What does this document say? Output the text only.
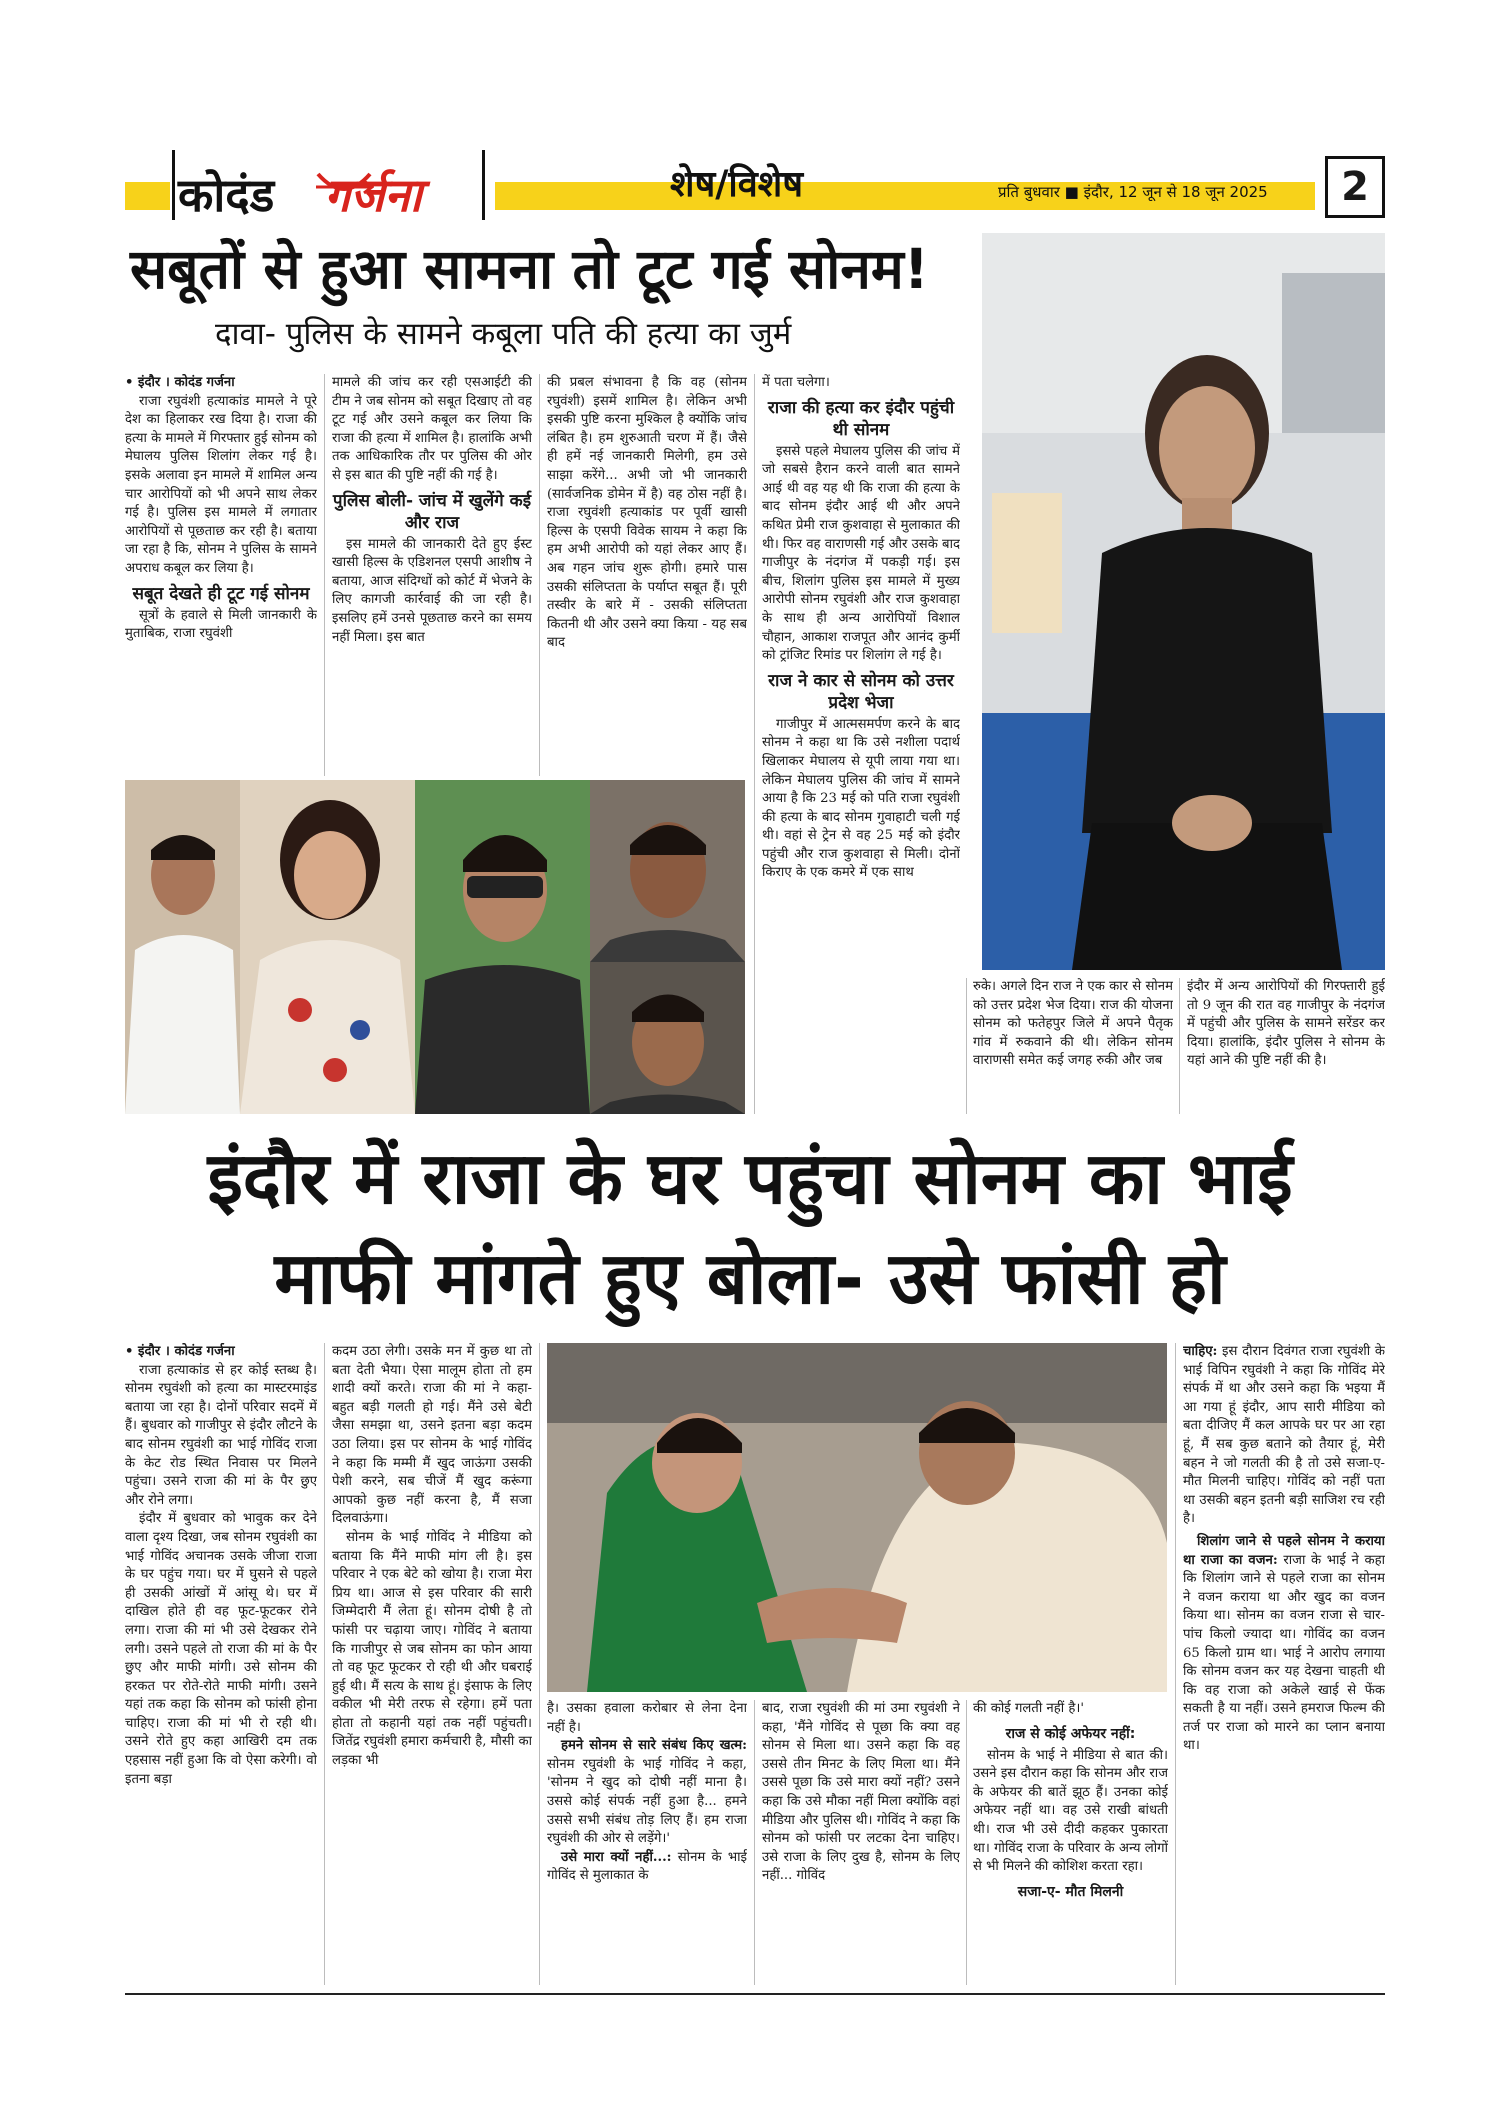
कोदंड गर्जना	शेष/विशेष	प्रति बुधवार ■ इंदौर, 12 जून से 18 जून 2025	2
सबूतों से हुआ सामना तो टूट गई सोनम!
दावा- पुलिस के सामने कबूला पति की हत्या का जुर्म

• इंदौर । कोदंड गर्जना

राजा रघुवंशी हत्याकांड मामले ने पूरे देश का हिलाकर रख दिया है। राजा की हत्या के मामले में गिरफ्तार हुई सोनम को मेघालय पुलिस शिलांग लेकर गई है। इसके अलावा इन मामले में शामिल अन्य चार आरोपियों को भी अपने साथ लेकर गई है। पुलिस इस मामले में लगातार आरोपियों से पूछताछ कर रही है। बताया जा रहा है कि, सोनम ने पुलिस के सामने अपराध कबूल कर लिया है।

सबूत देखते ही टूट गई सोनम

सूत्रों के हवाले से मिली जानकारी के मुताबिक, राजा रघुवंशी

मामले की जांच कर रही एसआईटी की टीम ने जब सोनम को सबूत दिखाए तो वह टूट गई और उसने कबूल कर लिया कि राजा की हत्या में शामिल है। हालांकि अभी तक आधिकारिक तौर पर पुलिस की ओर से इस बात की पुष्टि नहीं की गई है।

पुलिस बोली- जांच में खुलेंगे कई और राज

इस मामले की जानकारी देते हुए ईस्ट खासी हिल्स के एडिशनल एसपी आशीष ने बताया, आज संदिग्धों को कोर्ट में भेजने के लिए कागजी कार्रवाई की जा रही है। इसलिए हमें उनसे पूछताछ करने का समय नहीं मिला। इस बात

की प्रबल संभावना है कि वह (सोनम रघुवंशी) इसमें शामिल है। लेकिन अभी इसकी पुष्टि करना मुश्किल है क्योंकि जांच लंबित है। हम शुरुआती चरण में हैं। जैसे ही हमें नई जानकारी मिलेगी, हम उसे साझा करेंगे... अभी जो भी जानकारी (सार्वजनिक डोमेन में है) वह ठोस नहीं है। राजा रघुवंशी हत्याकांड पर पूर्वी खासी हिल्स के एसपी विवेक सायम ने कहा कि हम अभी आरोपी को यहां लेकर आए हैं। अब गहन जांच शुरू होगी। हमारे पास उसकी संलिप्तता के पर्याप्त सबूत हैं। पूरी तस्वीर के बारे में - उसकी संलिप्तता कितनी थी और उसने क्या किया - यह सब बाद

में पता चलेगा।

राजा की हत्या कर इंदौर पहुंची थी सोनम

इससे पहले मेघालय पुलिस की जांच में जो सबसे हैरान करने वाली बात सामने आई थी वह यह थी कि राजा की हत्या के बाद सोनम इंदौर आई थी और अपने कथित प्रेमी राज कुशवाहा से मुलाकात की थी। फिर वह वाराणसी गई और उसके बाद गाजीपुर के नंदगंज में पकड़ी गई। इस बीच, शिलांग पुलिस इस मामले में मुख्य आरोपी सोनम रघुवंशी और राज कुशवाहा के साथ ही अन्य आरोपियों विशाल चौहान, आकाश राजपूत और आनंद कुर्मी को ट्रांजिट रिमांड पर शिलांग ले गई है।

राज ने कार से सोनम को उत्तर प्रदेश भेजा

गाजीपुर में आत्मसमर्पण करने के बाद सोनम ने कहा था कि उसे नशीला पदार्थ खिलाकर मेघालय से यूपी लाया गया था। लेकिन मेघालय पुलिस की जांच में सामने आया है कि 23 मई को पति राजा रघुवंशी की हत्या के बाद सोनम गुवाहाटी चली गई थी। वहां से ट्रेन से वह 25 मई को इंदौर पहुंची और राज कुशवाहा से मिली। दोनों किराए के एक कमरे में एक साथ

रुके। अगले दिन राज ने एक कार से सोनम को उत्तर प्रदेश भेज दिया। राज की योजना सोनम को फतेहपुर जिले में अपने पैतृक गांव में रुकवाने की थी। लेकिन सोनम वाराणसी समेत कई जगह रुकी और जब

इंदौर में अन्य आरोपियों की गिरफ्तारी हुई तो 9 जून की रात वह गाजीपुर के नंदगंज में पहुंची और पुलिस के सामने सरेंडर कर दिया। हालांकि, इंदौर पुलिस ने सोनम के यहां आने की पुष्टि नहीं की है।

इंदौर में राजा के घर पहुंचा सोनम का भाई
माफी मांगते हुए बोला- उसे फांसी हो

• इंदौर । कोदंड गर्जना

राजा हत्याकांड से हर कोई स्तब्ध है। सोनम रघुवंशी को हत्या का मास्टरमाइंड बताया जा रहा है। दोनों परिवार सदमें में हैं। बुधवार को गाजीपुर से इंदौर लौटने के बाद सोनम रघुवंशी का भाई गोविंद राजा के केट रोड स्थित निवास पर मिलने पहुंचा। उसने राजा की मां के पैर छुए और रोने लगा।

इंदौर में बुधवार को भावुक कर देने वाला दृश्य दिखा, जब सोनम रघुवंशी का भाई गोविंद अचानक उसके जीजा राजा के घर पहुंच गया। घर में घुसने से पहले ही उसकी आंखों में आंसू थे। घर में दाखिल होते ही वह फूट-फूटकर रोने लगा। राजा की मां भी उसे देखकर रोने लगी। उसने पहले तो राजा की मां के पैर छुए और माफी मांगी। उसे सोनम की हरकत पर रोते-रोते माफी मांगी। उसने यहां तक कहा कि सोनम को फांसी होना चाहिए। राजा की मां भी रो रही थी। उसने रोते हुए कहा आखिरी दम तक एहसास नहीं हुआ कि वो ऐसा करेगी। वो इतना बड़ा

कदम उठा लेगी। उसके मन में कुछ था तो बता देती भैया। ऐसा मालूम होता तो हम शादी क्यों करते। राजा की मां ने कहा- बहुत बड़ी गलती हो गई। मैंने उसे बेटी जैसा समझा था, उसने इतना बड़ा कदम उठा लिया। इस पर सोनम के भाई गोविंद ने कहा कि मम्मी मैं खुद जाऊंगा उसकी पेशी करने, सब चीजें मैं खुद करूंगा आपको कुछ नहीं करना है, मैं सजा दिलवाऊंगा।

सोनम के भाई गोविंद ने मीडिया को बताया कि मैंने माफी मांग ली है। इस परिवार ने एक बेटे को खोया है। राजा मेरा प्रिय था। आज से इस परिवार की सारी जिम्मेदारी मैं लेता हूं। सोनम दोषी है तो फांसी पर चढ़ाया जाए। गोविंद ने बताया कि गाजीपुर से जब सोनम का फोन आया तो वह फूट फूटकर रो रही थी और घबराई हुई थी। मैं सत्य के साथ हूं। इंसाफ के लिए वकील भी मेरी तरफ से रहेगा। हमें पता होता तो कहानी यहां तक नहीं पहुंचती। जितेंद्र रघुवंशी हमारा कर्मचारी है, मौसी का लड़का भी

है। उसका हवाला करोबार से लेना देना नहीं है।

हमने सोनम से सारे संबंध किए खत्म: सोनम रघुवंशी के भाई गोविंद ने कहा, 'सोनम ने खुद को दोषी नहीं माना है। उससे कोई संपर्क नहीं हुआ है... हमने उससे सभी संबंध तोड़ लिए हैं। हम राजा रघुवंशी की ओर से लड़ेंगे।'

उसे मारा क्यों नहीं...: सोनम के भाई गोविंद से मुलाकात के

बाद, राजा रघुवंशी की मां उमा रघुवंशी ने कहा, 'मैंने गोविंद से पूछा कि क्या वह सोनम से मिला था। उसने कहा कि वह उससे तीन मिनट के लिए मिला था। मैंने उससे पूछा कि उसे मारा क्यों नहीं? उसने कहा कि उसे मौका नहीं मिला क्योंकि वहां मीडिया और पुलिस थी। गोविंद ने कहा कि सोनम को फांसी पर लटका देना चाहिए। उसे राजा के लिए दुख है, सोनम के लिए नहीं... गोविंद

की कोई गलती नहीं है।'

राज से कोई अफेयर नहीं:

सोनम के भाई ने मीडिया से बात की। उसने इस दौरान कहा कि सोनम और राज के अफेयर की बातें झूठ हैं। उनका कोई अफेयर नहीं था। वह उसे राखी बांधती थी। राज भी उसे दीदी कहकर पुकारता था। गोविंद राजा के परिवार के अन्य लोगों से भी मिलने की कोशिश करता रहा।

सजा-ए- मौत मिलनी

चाहिए: इस दौरान दिवंगत राजा रघुवंशी के भाई विपिन रघुवंशी ने कहा कि गोविंद मेरे संपर्क में था और उसने कहा कि भइया मैं आ गया हूं इंदौर, आप सारी मीडिया को बता दीजिए मैं कल आपके घर पर आ रहा हूं, मैं सब कुछ बताने को तैयार हूं, मेरी बहन ने जो गलती की है तो उसे सजा-ए-मौत मिलनी चाहिए। गोविंद को नहीं पता था उसकी बहन इतनी बड़ी साजिश रच रही है।

शिलांग जाने से पहले सोनम ने कराया था राजा का वजन: राजा के भाई ने कहा कि शिलांग जाने से पहले राजा का सोनम ने वजन कराया था और खुद का वजन किया था। सोनम का वजन राजा से चार-पांच किलो ज्यादा था। गोविंद का वजन 65 किलो ग्राम था। भाई ने आरोप लगाया कि सोनम वजन कर यह देखना चाहती थी कि वह राजा को अकेले खाई से फेंक सकती है या नहीं। उसने हमराज फिल्म की तर्ज पर राजा को मारने का प्लान बनाया था।
